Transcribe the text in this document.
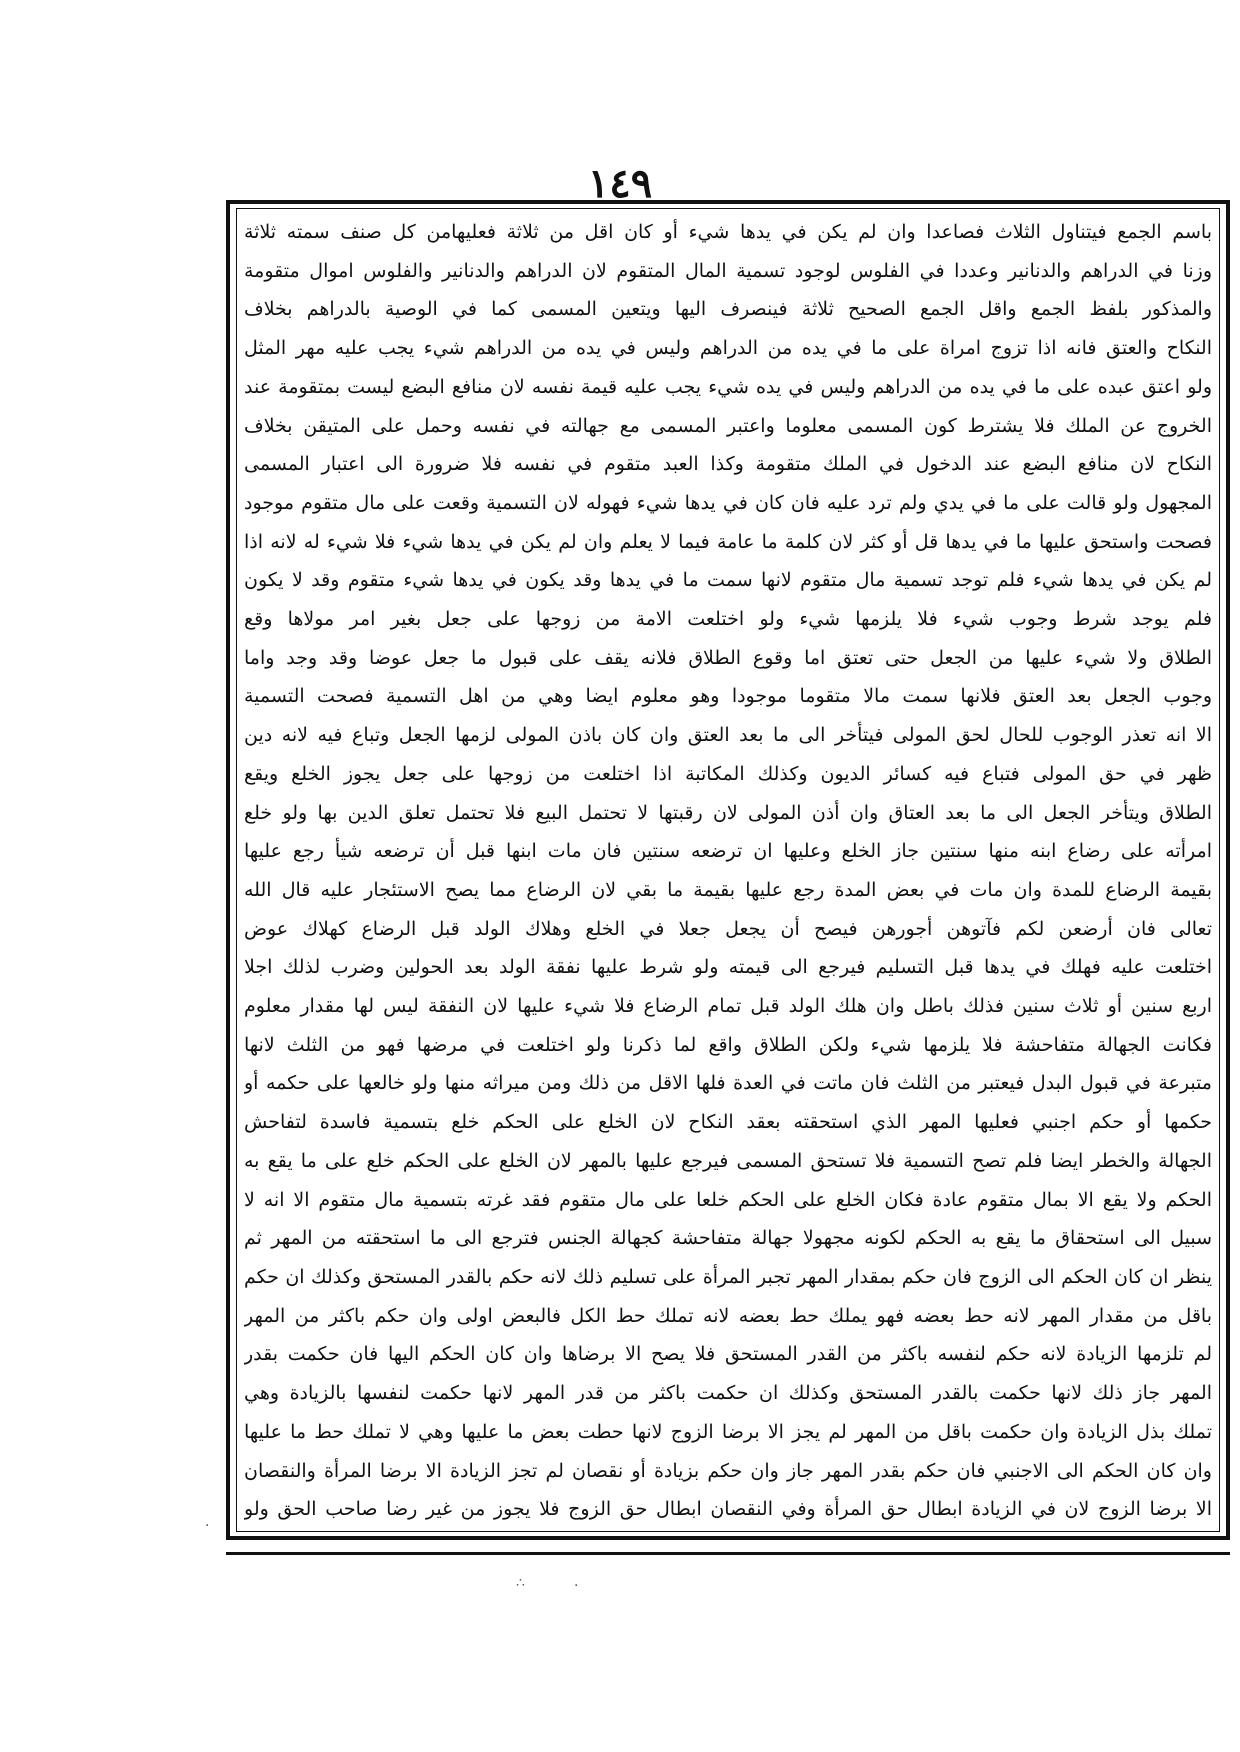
١٤٩
باسم الجمع فيتناول الثلاث فصاعدا وان لم يكن في يدها شيء أو كان اقل من ثلاثة فعليهامن كل صنف سمته ثلاثة
وزنا في الدراهم والدنانير وعددا في الفلوس لوجود تسمية المال المتقوم لان الدراهم والدنانير والفلوس اموال متقومة
والمذكور بلفظ الجمع واقل الجمع الصحيح ثلاثة فينصرف اليها ويتعين المسمى كما في الوصية بالدراهم بخلاف
النكاح والعتق فانه اذا تزوج امراة على ما في يده من الدراهم وليس في يده من الدراهم شيء يجب عليه مهر المثل
ولو اعتق عبده على ما في يده من الدراهم وليس في يده شيء يجب عليه قيمة نفسه لان منافع البضع ليست بمتقومة عند
الخروج عن الملك فلا يشترط كون المسمى معلوما واعتبر المسمى مع جهالته في نفسه وحمل على المتيقن بخلاف
النكاح لان منافع البضع عند الدخول في الملك متقومة وكذا العبد متقوم في نفسه فلا ضرورة الى اعتبار المسمى
المجهول ولو قالت على ما في يدي ولم ترد عليه فان كان في يدها شيء فهوله لان التسمية وقعت على مال متقوم موجود
فصحت واستحق عليها ما في يدها قل أو كثر لان كلمة ما عامة فيما لا يعلم وان لم يكن في يدها شيء فلا شيء له لانه اذا
لم يكن في يدها شيء فلم توجد تسمية مال متقوم لانها سمت ما في يدها وقد يكون في يدها شيء متقوم وقد لا يكون
فلم يوجد شرط وجوب شيء فلا يلزمها شيء ولو اختلعت الامة من زوجها على جعل بغير امر مولاها وقع
الطلاق ولا شيء عليها من الجعل حتى تعتق اما وقوع الطلاق فلانه يقف على قبول ما جعل عوضا وقد وجد واما
وجوب الجعل بعد العتق فلانها سمت مالا متقوما موجودا وهو معلوم ايضا وهي من اهل التسمية فصحت التسمية
الا انه تعذر الوجوب للحال لحق المولى فيتأخر الى ما بعد العتق وان كان باذن المولى لزمها الجعل وتباع فيه لانه دين
ظهر في حق المولى فتباع فيه كسائر الديون وكذلك المكاتبة اذا اختلعت من زوجها على جعل يجوز الخلع ويقع
الطلاق ويتأخر الجعل الى ما بعد العتاق وان أذن المولى لان رقبتها لا تحتمل البيع فلا تحتمل تعلق الدين بها ولو خلع
امرأته على رضاع ابنه منها سنتين جاز الخلع وعليها ان ترضعه سنتين فان مات ابنها قبل أن ترضعه شيأ رجع عليها
بقيمة الرضاع للمدة وان مات في بعض المدة رجع عليها بقيمة ما بقي لان الرضاع مما يصح الاستئجار عليه قال الله
تعالى فان أرضعن لكم فآتوهن أجورهن فيصح أن يجعل جعلا في الخلع وهلاك الولد قبل الرضاع كهلاك عوض
اختلعت عليه فهلك في يدها قبل التسليم فيرجع الى قيمته ولو شرط عليها نفقة الولد بعد الحولين وضرب لذلك اجلا
اربع سنين أو ثلاث سنين فذلك باطل وان هلك الولد قبل تمام الرضاع فلا شيء عليها لان النفقة ليس لها مقدار معلوم
فكانت الجهالة متفاحشة فلا يلزمها شيء ولكن الطلاق واقع لما ذكرنا ولو اختلعت في مرضها فهو من الثلث لانها
متبرعة في قبول البدل فيعتبر من الثلث فان ماتت في العدة فلها الاقل من ذلك ومن ميراثه منها ولو خالعها على حكمه أو
حكمها أو حكم اجنبي فعليها المهر الذي استحقته بعقد النكاح لان الخلع على الحكم خلع بتسمية فاسدة لتفاحش
الجهالة والخطر ايضا فلم تصح التسمية فلا تستحق المسمى فيرجع عليها بالمهر لان الخلع على الحكم خلع على ما يقع به
الحكم ولا يقع الا بمال متقوم عادة فكان الخلع على الحكم خلعا على مال متقوم فقد غرته بتسمية مال متقوم الا انه لا
سبيل الى استحقاق ما يقع به الحكم لكونه مجهولا جهالة متفاحشة كجهالة الجنس فترجع الى ما استحقته من المهر ثم
ينظر ان كان الحكم الى الزوج فان حكم بمقدار المهر تجبر المرأة على تسليم ذلك لانه حكم بالقدر المستحق وكذلك ان حكم
باقل من مقدار المهر لانه حط بعضه فهو يملك حط بعضه لانه تملك حط الكل فالبعض اولى وان حكم باكثر من المهر
لم تلزمها الزيادة لانه حكم لنفسه باكثر من القدر المستحق فلا يصح الا برضاها وان كان الحكم اليها فان حكمت بقدر
المهر جاز ذلك لانها حكمت بالقدر المستحق وكذلك ان حكمت باكثر من قدر المهر لانها حكمت لنفسها بالزيادة وهي
تملك بذل الزيادة وان حكمت باقل من المهر لم يجز الا برضا الزوج لانها حطت بعض ما عليها وهي لا تملك حط ما عليها
وان كان الحكم الى الاجنبي فان حكم بقدر المهر جاز وان حكم بزيادة أو نقصان لم تجز الزيادة الا برضا المرأة والنقصان
الا برضا الزوج لان في الزيادة ابطال حق المرأة وفي النقصان ابطال حق الزوج فلا يجوز من غير رضا صاحب الحق ولو
·
∴	·
